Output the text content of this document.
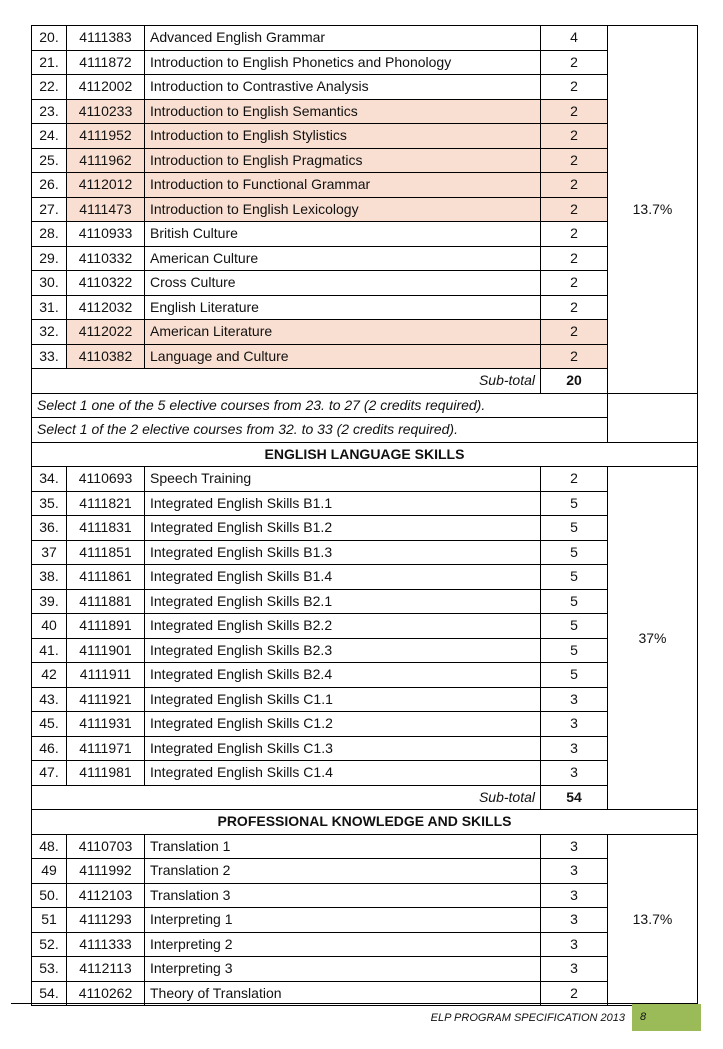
20.	4111383	Advanced English Grammar	4	13.7%
21.	4111872	Introduction to English Phonetics and Phonology	2	
22.	4112002	Introduction to Contrastive Analysis	2	
23.	4110233	Introduction to English Semantics	2	
24.	4111952	Introduction to English Stylistics	2	
25.	4111962	Introduction to English Pragmatics	2	
26.	4112012	Introduction to Functional Grammar	2	
27.	4111473	Introduction to English Lexicology	2	
28.	4110933	British Culture	2	
29.	4110332	American Culture	2	
30.	4110322	Cross Culture	2	
31.	4112032	English Literature	2	
32.	4112022	American Literature	2	
33.	4110382	Language and Culture	2	
Sub-total			20	
Select 1 one of the 5 elective courses from 23. to 27 (2 credits required).				
Select 1 of the 2 elective courses from 32. to 33 (2 credits required).				
ENGLISH LANGUAGE SKILLS				
34.	4110693	Speech Training	2	37%
35.	4111821	Integrated English Skills B1.1	5	
36.	4111831	Integrated English Skills B1.2	5	
37	4111851	Integrated English Skills B1.3	5	
38.	4111861	Integrated English Skills B1.4	5	
39.	4111881	Integrated English Skills B2.1	5	
40	4111891	Integrated English Skills B2.2	5	
41.	4111901	Integrated English Skills B2.3	5	
42	4111911	Integrated English Skills B2.4	5	
43.	4111921	Integrated English Skills C1.1	3	
45.	4111931	Integrated English Skills C1.2	3	
46.	4111971	Integrated English Skills C1.3	3	
47.	4111981	Integrated English Skills C1.4	3	
Sub-total			54	
PROFESSIONAL KNOWLEDGE AND SKILLS				
48.	4110703	Translation 1	3	13.7%
49	4111992	Translation 2	3	
50.	4112103	Translation 3	3	
51	4111293	Interpreting 1	3	
52.	4111333	Interpreting 2	3	
53.	4112113	Interpreting 3	3	
54.	4110262	Theory of Translation	2	
ELP PROGRAM SPECIFICATION 2013	8
